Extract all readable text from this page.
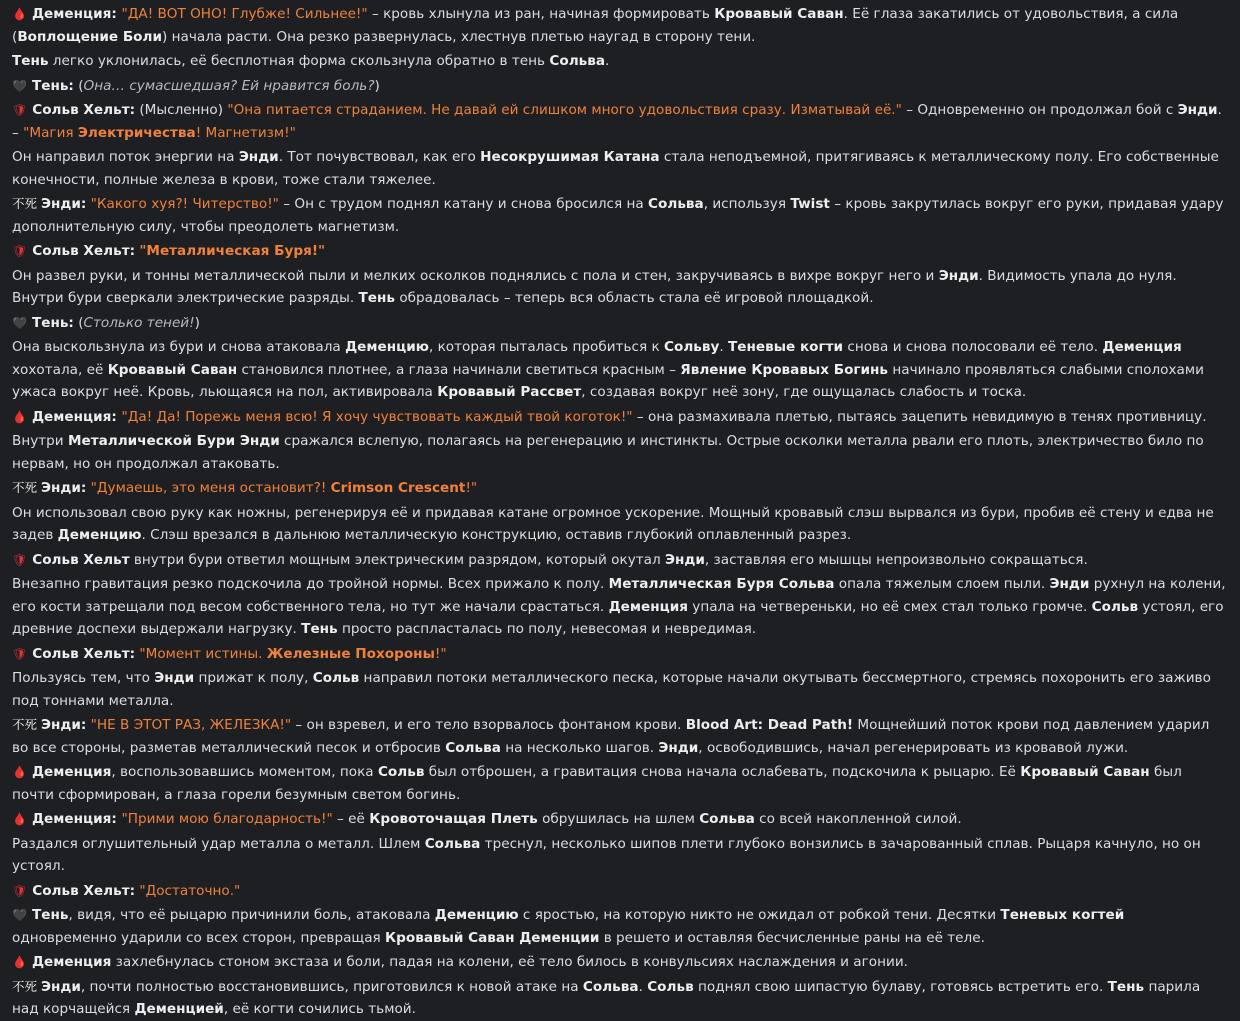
🩸 Деменция: "ДА! ВОТ ОНО! Глубже! Сильнее!" – кровь хлынула из ран, начиная формировать Кровавый Саван. Её глаза закатились от удовольствия, а сила (Воплощение Боли) начала расти. Она резко развернулась, хлестнув плетью наугад в сторону тени.
Тень легко уклонилась, её бесплотная форма скользнула обратно в тень Сольва.
🖤 Тень: (Она… сумасшедшая? Ей нравится боль?)
🛡 Сольв Хельт: (Мысленно) "Она питается страданием. Не давай ей слишком много удовольствия сразу. Изматывай её." – Одновременно он продолжал бой с Энди. – "Магия Электричества! Магнетизм!"
Он направил поток энергии на Энди. Тот почувствовал, как его Несокрушимая Катана стала неподъемной, притягиваясь к металлическому полу. Его собственные конечности, полные железа в крови, тоже стали тяжелее.
不死 Энди: "Какого хуя?! Читерство!" – Он с трудом поднял катану и снова бросился на Сольва, используя Twist – кровь закрутилась вокруг его руки, придавая удару дополнительную силу, чтобы преодолеть магнетизм.
🛡 Сольв Хельт: "Металлическая Буря!"
Он развел руки, и тонны металлической пыли и мелких осколков поднялись с пола и стен, закручиваясь в вихре вокруг него и Энди. Видимость упала до нуля. Внутри бури сверкали электрические разряды. Тень обрадовалась – теперь вся область стала её игровой площадкой.
🖤 Тень: (Столько теней!)
Она выскользнула из бури и снова атаковала Деменцию, которая пыталась пробиться к Сольву. Теневые когти снова и снова полосовали её тело. Деменция хохотала, её Кровавый Саван становился плотнее, а глаза начинали светиться красным – Явление Кровавых Богинь начинало проявляться слабыми сполохами ужаса вокруг неё. Кровь, льющаяся на пол, активировала Кровавый Рассвет, создавая вокруг неё зону, где ощущалась слабость и тоска.
🩸 Деменция: "Да! Да! Порежь меня всю! Я хочу чувствовать каждый твой коготок!" – она размахивала плетью, пытаясь зацепить невидимую в тенях противницу.
Внутри Металлической Бури Энди сражался вслепую, полагаясь на регенерацию и инстинкты. Острые осколки металла рвали его плоть, электричество било по нервам, но он продолжал атаковать.
不死 Энди: "Думаешь, это меня остановит?! Crimson Crescent!"
Он использовал свою руку как ножны, регенерируя её и придавая катане огромное ускорение. Мощный кровавый слэш вырвался из бури, пробив её стену и едва не задев Деменцию. Слэш врезался в дальнюю металлическую конструкцию, оставив глубокий оплавленный разрез.
🛡 Сольв Хельт внутри бури ответил мощным электрическим разрядом, который окутал Энди, заставляя его мышцы непроизвольно сокращаться.
Внезапно гравитация резко подскочила до тройной нормы. Всех прижало к полу. Металлическая Буря Сольва опала тяжелым слоем пыли. Энди рухнул на колени, его кости затрещали под весом собственного тела, но тут же начали срастаться. Деменция упала на четвереньки, но её смех стал только громче. Сольв устоял, его древние доспехи выдержали нагрузку. Тень просто распласталась по полу, невесомая и невредимая.
🛡 Сольв Хельт: "Момент истины. Железные Похороны!"
Пользуясь тем, что Энди прижат к полу, Сольв направил потоки металлического песка, которые начали окутывать бессмертного, стремясь похоронить его заживо под тоннами металла.
不死 Энди: "НЕ В ЭТОТ РАЗ, ЖЕЛЕЗКА!" – он взревел, и его тело взорвалось фонтаном крови. Blood Art: Dead Path! Мощнейший поток крови под давлением ударил во все стороны, разметав металлический песок и отбросив Сольва на несколько шагов. Энди, освободившись, начал регенерировать из кровавой лужи.
🩸 Деменция, воспользовавшись моментом, пока Сольв был отброшен, а гравитация снова начала ослабевать, подскочила к рыцарю. Её Кровавый Саван был почти сформирован, а глаза горели безумным светом богинь.
🩸 Деменция: "Прими мою благодарность!" – её Кровоточащая Плеть обрушилась на шлем Сольва со всей накопленной силой.
Раздался оглушительный удар металла о металл. Шлем Сольва треснул, несколько шипов плети глубоко вонзились в зачарованный сплав. Рыцаря качнуло, но он устоял.
🛡 Сольв Хельт: "Достаточно."
🖤 Тень, видя, что её рыцарю причинили боль, атаковала Деменцию с яростью, на которую никто не ожидал от робкой тени. Десятки Теневых когтей одновременно ударили со всех сторон, превращая Кровавый Саван Деменции в решето и оставляя бесчисленные раны на её теле.
🩸 Деменция захлебнулась стоном экстаза и боли, падая на колени, её тело билось в конвульсиях наслаждения и агонии.
不死 Энди, почти полностью восстановившись, приготовился к новой атаке на Сольва. Сольв поднял свою шипастую булаву, готовясь встретить его. Тень парила над корчащейся Деменцией, её когти сочились тьмой.
